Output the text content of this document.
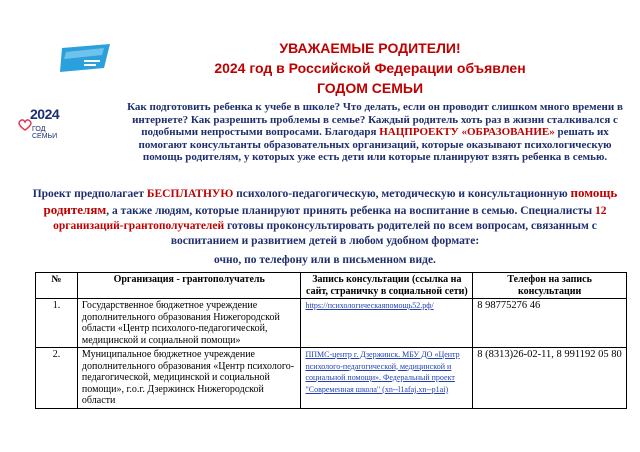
2024
ГОД СЕМЬИ
УВАЖАЕМЫЕ РОДИТЕЛИ!
2024 год в Российской Федерации объявлен
ГОДОМ СЕМЬИ
Как подготовить ребенка к учебе в школе? Что делать, если он проводит слишком много времени в интернете? Как разрешить проблемы в семье? Каждый родитель хоть раз в жизни сталкивался с подобными непростыми вопросами. Благодаря НАЦПРОЕКТУ «ОБРАЗОВАНИЕ» решать их помогают консультанты образовательных организаций, которые оказывают психологическую помощь родителям, у которых уже есть дети или которые планируют взять ребенка в семью.
Проект предполагает БЕСПЛАТНУЮ психолого-педагогическую, методическую и консультационную помощь родителям, а также людям, которые планируют принять ребенка на воспитание в семью. Специалисты 12 организаций-грантополучателей готовы проконсультировать родителей по всем вопросам, связанным с воспитанием и развитием детей в любом удобном формате:
очно, по телефону или в письменном виде.
№	Организация - грантополучатель	Запись консультации (ссылка на сайт, страничку в социальной сети)	Телефон на запись консультации
1.	Государственное бюджетное учреждение дополнительного образования Нижегородской области «Центр психолого-педагогической, медицинской и социальной помощи»	https://психологическаяпомощь52.рф/	8 98775276 46
2.	Муниципальное бюджетное учреждение дополнительного образования «Центр психолого-педагогической, медицинской и социальной помощи», г.о.г. Дзержинск Нижегородской области	ППМС-центр г. Дзержинск. МБУ ДО «Центр психолого-педагогической, медицинской и социальной помощи». Федеральный проект "Современная школа" (xn--l1afaj.xn--p1ai)	8 (8313)26-02-11, 8 991192 05 80
